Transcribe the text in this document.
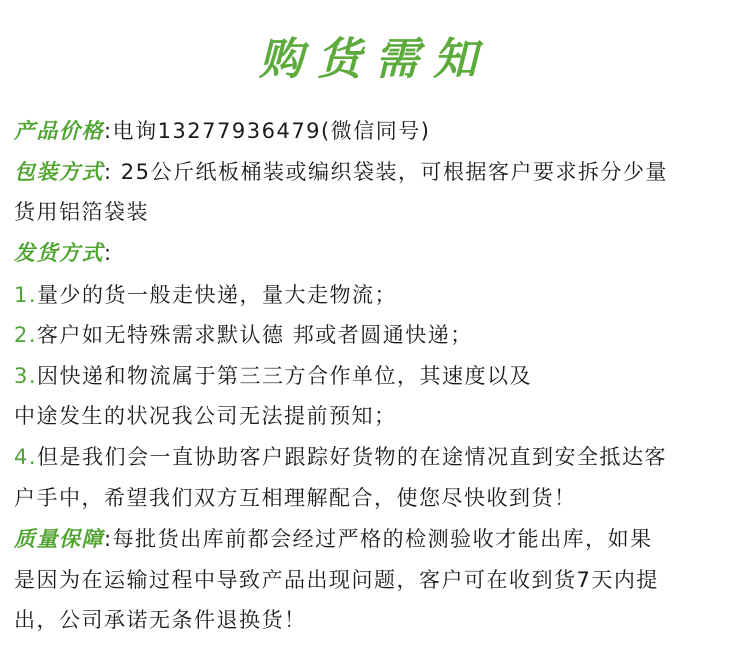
购货需知
产品价格:电询13277936479(微信同号)
包装方式: 25公斤纸板桶装或编织袋装，可根据客户要求拆分少量
货用铝箔袋装
发货方式:
1.量少的货一般走快递，量大走物流；
2.客户如无特殊需求默认德 邦或者圆通快递；
3.因快递和物流属于第三三方合作单位，其速度以及
中途发生的状况我公司无法提前预知；
4.但是我们会一直协助客户跟踪好货物的在途情况直到安全抵达客
户手中，希望我们双方互相理解配合，使您尽快收到货！
质量保障:每批货出库前都会经过严格的检测验收才能出库，如果
是因为在运输过程中导致产品出现问题，客户可在收到货7天内提
出，公司承诺无条件退换货！
